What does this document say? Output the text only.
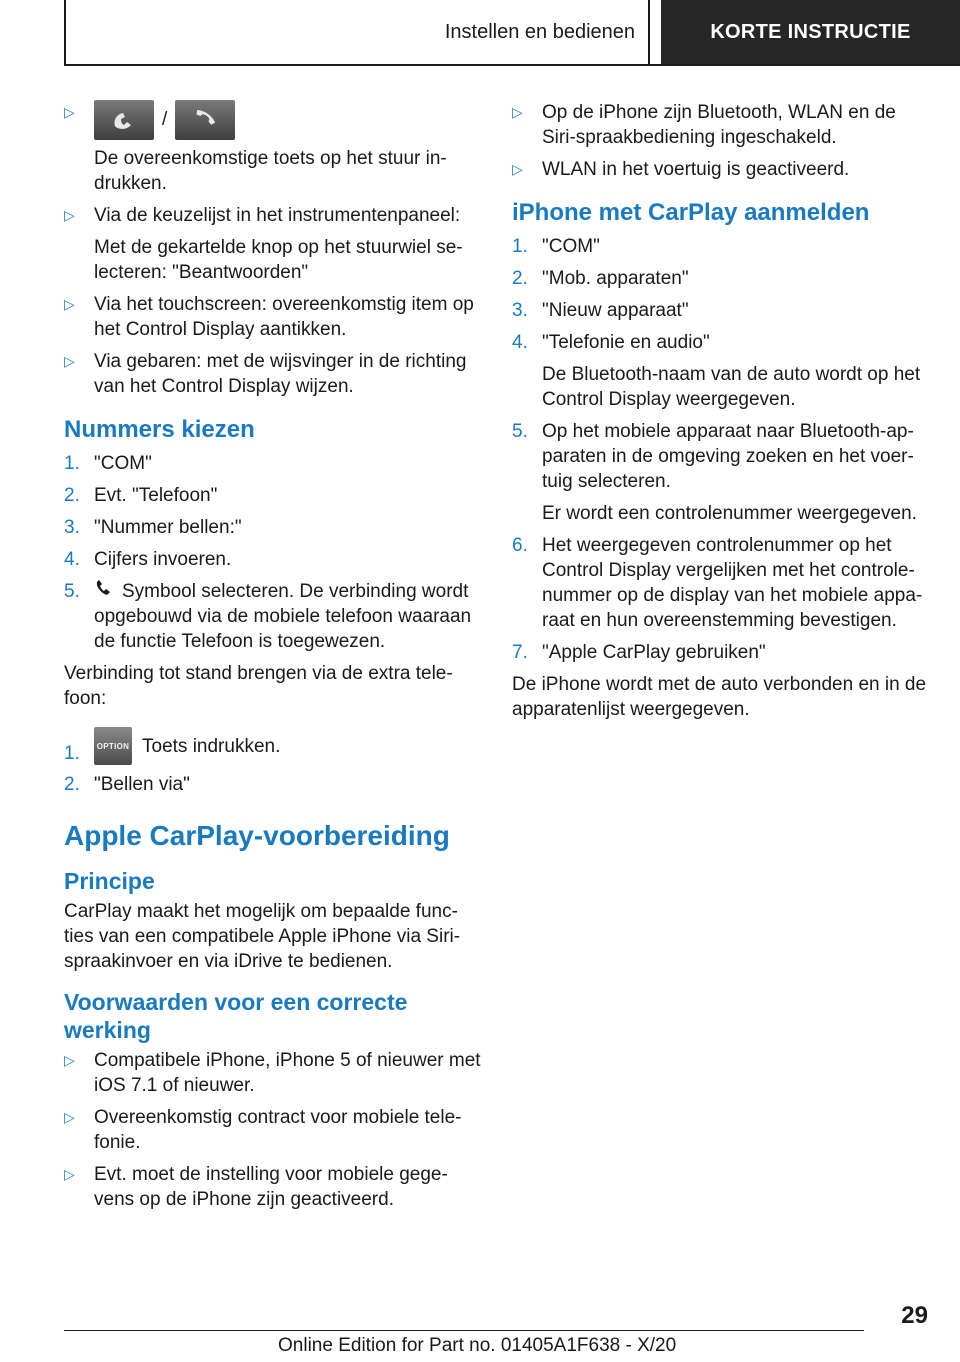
Instellen en bedienen	KORTE INSTRUCTIE
▷	/
De overeenkomstige toets op het stuur in-drukken.
▷ Via de keuzelijst in het instrumentenpaneel:
Met de gekartelde knop op het stuurwiel se-lecteren: "Beantwoorden"
▷ Via het touchscreen: overeenkomstig item op het Control Display aantikken.
▷ Via gebaren: met de wijsvinger in de richting van het Control Display wijzen.
Nummers kiezen
1. "COM"
2. Evt. "Telefoon"
3. "Nummer bellen:"
4. Cijfers invoeren.
5. Symbool selecteren. De verbinding wordt opgebouwd via de mobiele telefoon waaraan de functie Telefoon is toegewezen.

Verbinding tot stand brengen via de extra tele-foon:

1. OPTION Toets indrukken.
2. "Bellen via"
Apple CarPlay-voorbereiding
Principe

CarPlay maakt het mogelijk om bepaalde func-ties van een compatibele Apple iPhone via Siri-spraakinvoer en via iDrive te bedienen.

Voorwaarden voor een correcte werking
▷ Compatibele iPhone, iPhone 5 of nieuwer met iOS 7.1 of nieuwer.
▷ Overeenkomstig contract voor mobiele tele-fonie.
▷ Evt. moet de instelling voor mobiele gege-vens op de iPhone zijn geactiveerd.
▷ Op de iPhone zijn Bluetooth, WLAN en de Siri-spraakbediening ingeschakeld.
▷ WLAN in het voertuig is geactiveerd.
iPhone met CarPlay aanmelden
1. "COM"
2. "Mob. apparaten"
3. "Nieuw apparaat"
4. "Telefonie en audio"
De Bluetooth-naam van de auto wordt op het Control Display weergegeven.
5. Op het mobiele apparaat naar Bluetooth-ap-paraten in de omgeving zoeken en het voer-tuig selecteren.
Er wordt een controlenummer weergegeven.
6. Het weergegeven controlenummer op het Control Display vergelijken met het controle-nummer op de display van het mobiele appa-raat en hun overeenstemming bevestigen.
7. "Apple CarPlay gebruiken"

De iPhone wordt met de auto verbonden en in de apparatenlijst weergegeven.

29
Online Edition for Part no. 01405A1F638 - X/20
